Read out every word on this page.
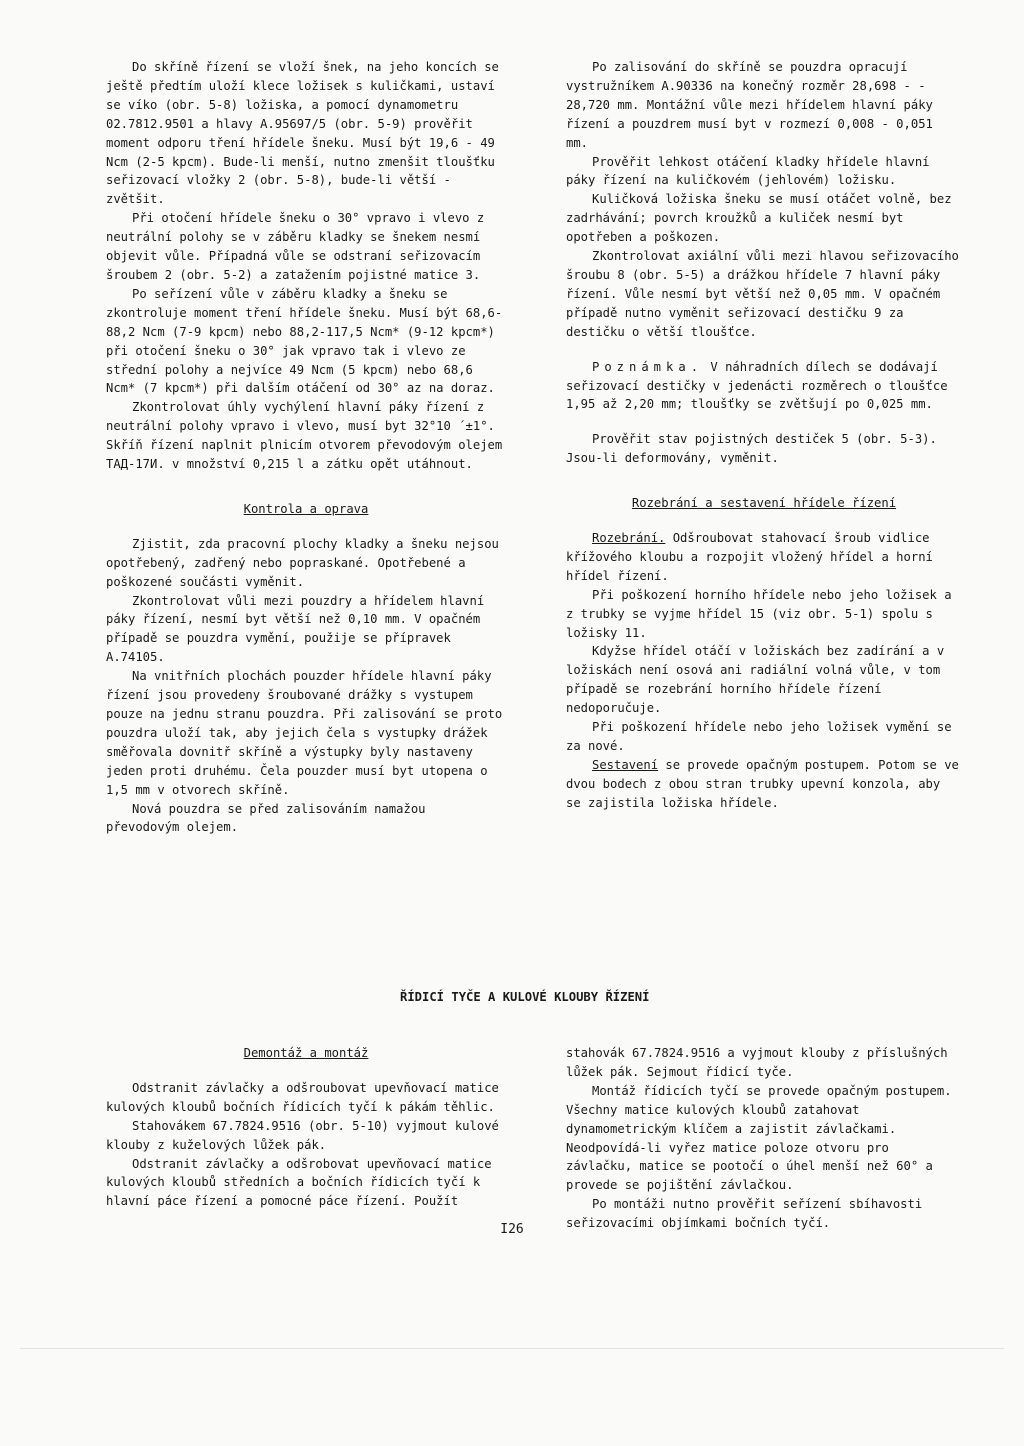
Do skříně řízení se vloží šnek, na jeho koncích se ještě předtím uloží klece ložisek s kuličkami, ustaví se víko (obr. 5-8) ložiska, a pomocí dynamometru 02.7812.9501 a hlavy A.95697/5 (obr. 5-9) prověřit moment odporu tření hřídele šneku. Musí být 19,6 - 49 Ncm (2-5 kpcm). Bude-li menší, nutno zmenšit tloušťku seřizovací vložky 2 (obr. 5-8), bude-li větší - zvětšit.

Při otočení hřídele šneku o 30° vpravo i vlevo z neutrální polohy se v záběru kladky se šnekem nesmí objevit vůle. Případná vůle se odstraní seřizovacím šroubem 2 (obr. 5-2) a zatažením pojistné matice 3.

Po seřízení vůle v záběru kladky a šneku se zkontroluje moment tření hřídele šneku. Musí být 68,6-88,2 Ncm (7-9 kpcm) nebo 88,2-117,5 Ncm* (9-12 kpcm*) při otočení šneku o 30° jak vpravo tak i vlevo ze střední polohy a nejvíce 49 Ncm (5 kpcm) nebo 68,6 Ncm* (7 kpcm*) při dalším otáčení od 30° az na doraz.

Zkontrolovat úhly vychýlení hlavní páky řízení z neutrální polohy vpravo i vlevo, musí byt 32°10 ´±1°. Skříň řízení naplnit plnicím otvorem převodovým olejem ТАД-17И. v množství 0,215 l a zátku opět utáhnout.

Kontrola a oprava

Zjistit, zda pracovní plochy kladky a šneku nejsou opotřebený, zadřený nebo popraskané. Opotřebené a poškozené součásti vyměnit.

Zkontrolovat vůli mezi pouzdry a hřídelem hlavní páky řízení, nesmí byt větší než 0,10 mm. V opačném případě se pouzdra vymění, použije se přípravek A.74105.

Na vnitřních plochách pouzder hřídele hlavní páky řízení jsou provedeny šroubované drážky s vystupem pouze na jednu stranu pouzdra. Při zalisování se proto pouzdra uloží tak, aby jejich čela s vystupky drážek směřovala dovnitř skříně a výstupky byly nastaveny jeden proti druhému. Čela pouzder musí byt utopena o 1,5 mm v otvorech skříně.

Nová pouzdra se před zalisováním namažou převodovým olejem.

Po zalisování do skříně se pouzdra opracují vystružníkem A.90336 na konečný rozměr 28,698 - - 28,720 mm. Montážní vůle mezi hřídelem hlavní páky řízení a pouzdrem musí byt v rozmezí 0,008 - 0,051 mm.

Prověřit lehkost otáčení kladky hřídele hlavní páky řízení na kuličkovém (jehlovém) ložisku.

Kuličková ložiska šneku se musí otáčet volně, bez zadrhávání; povrch kroužků a kuliček nesmí byt opotřeben a poškozen.

Zkontrolovat axiální vůli mezi hlavou seřizovacího šroubu 8 (obr. 5-5) a drážkou hřídele 7 hlavní páky řízení. Vůle nesmí byt větší než 0,05 mm. V opačném případě nutno vyměnit seřizovací destičku 9 za destičku o větší tloušťce.

Poznámka. V náhradních dílech se dodávají seřizovací destičky v jedenácti rozměrech o tloušťce 1,95 až 2,20 mm; tloušťky se zvětšují po 0,025 mm.

Prověřit stav pojistných destiček 5 (obr. 5-3). Jsou-li deformovány, vyměnit.

Rozebrání a sestavení hřídele řízení

Rozebrání. Odšroubovat stahovací šroub vidlice křížového kloubu a rozpojit vložený hřídel a horní hřídel řízení.

Při poškození horního hřídele nebo jeho ložisek a z trubky se vyjme hřídel 15 (viz obr. 5-1) spolu s ložisky 11.

Kdyžse hřídel otáčí v ložiskách bez zadírání a v ložiskách není osová ani radiální volná vůle, v tom případě se rozebrání horního hřídele řízení nedoporučuje.

Při poškození hřídele nebo jeho ložisek vymění se za nové.

Sestavení se provede opačným postupem. Potom se ve dvou bodech z obou stran trubky upevní konzola, aby se zajistila ložiska hřídele.

ŘÍDICÍ TYČE A KULOVÉ KLOUBY ŘÍZENÍ

Demontáž a montáž

Odstranit závlačky a odšroubovat upevňovací matice kulových kloubů bočních řídicích tyčí k pákám těhlic.

Stahovákem 67.7824.9516 (obr. 5-10) vyjmout kulové klouby z kuželových lůžek pák.

Odstranit závlačky a odšrobovat upevňovací matice kulových kloubů středních a bočních řídicích tyčí k hlavní páce řízení a pomocné páce řízení. Použít

stahovák 67.7824.9516 a vyjmout klouby z příslušných lůžek pák. Sejmout řídicí tyče.

Montáž řídicích tyčí se provede opačným postupem. Všechny matice kulových kloubů zatahovat dynamometrickým klíčem a zajistit závlačkami. Neodpovídá-li vyřez matice poloze otvoru pro závlačku, matice se pootočí o úhel menší než 60° a provede se pojištění závlačkou.

Po montáži nutno prověřit seřízení sbíhavosti seřizovacími objímkami bočních tyčí.

I26
